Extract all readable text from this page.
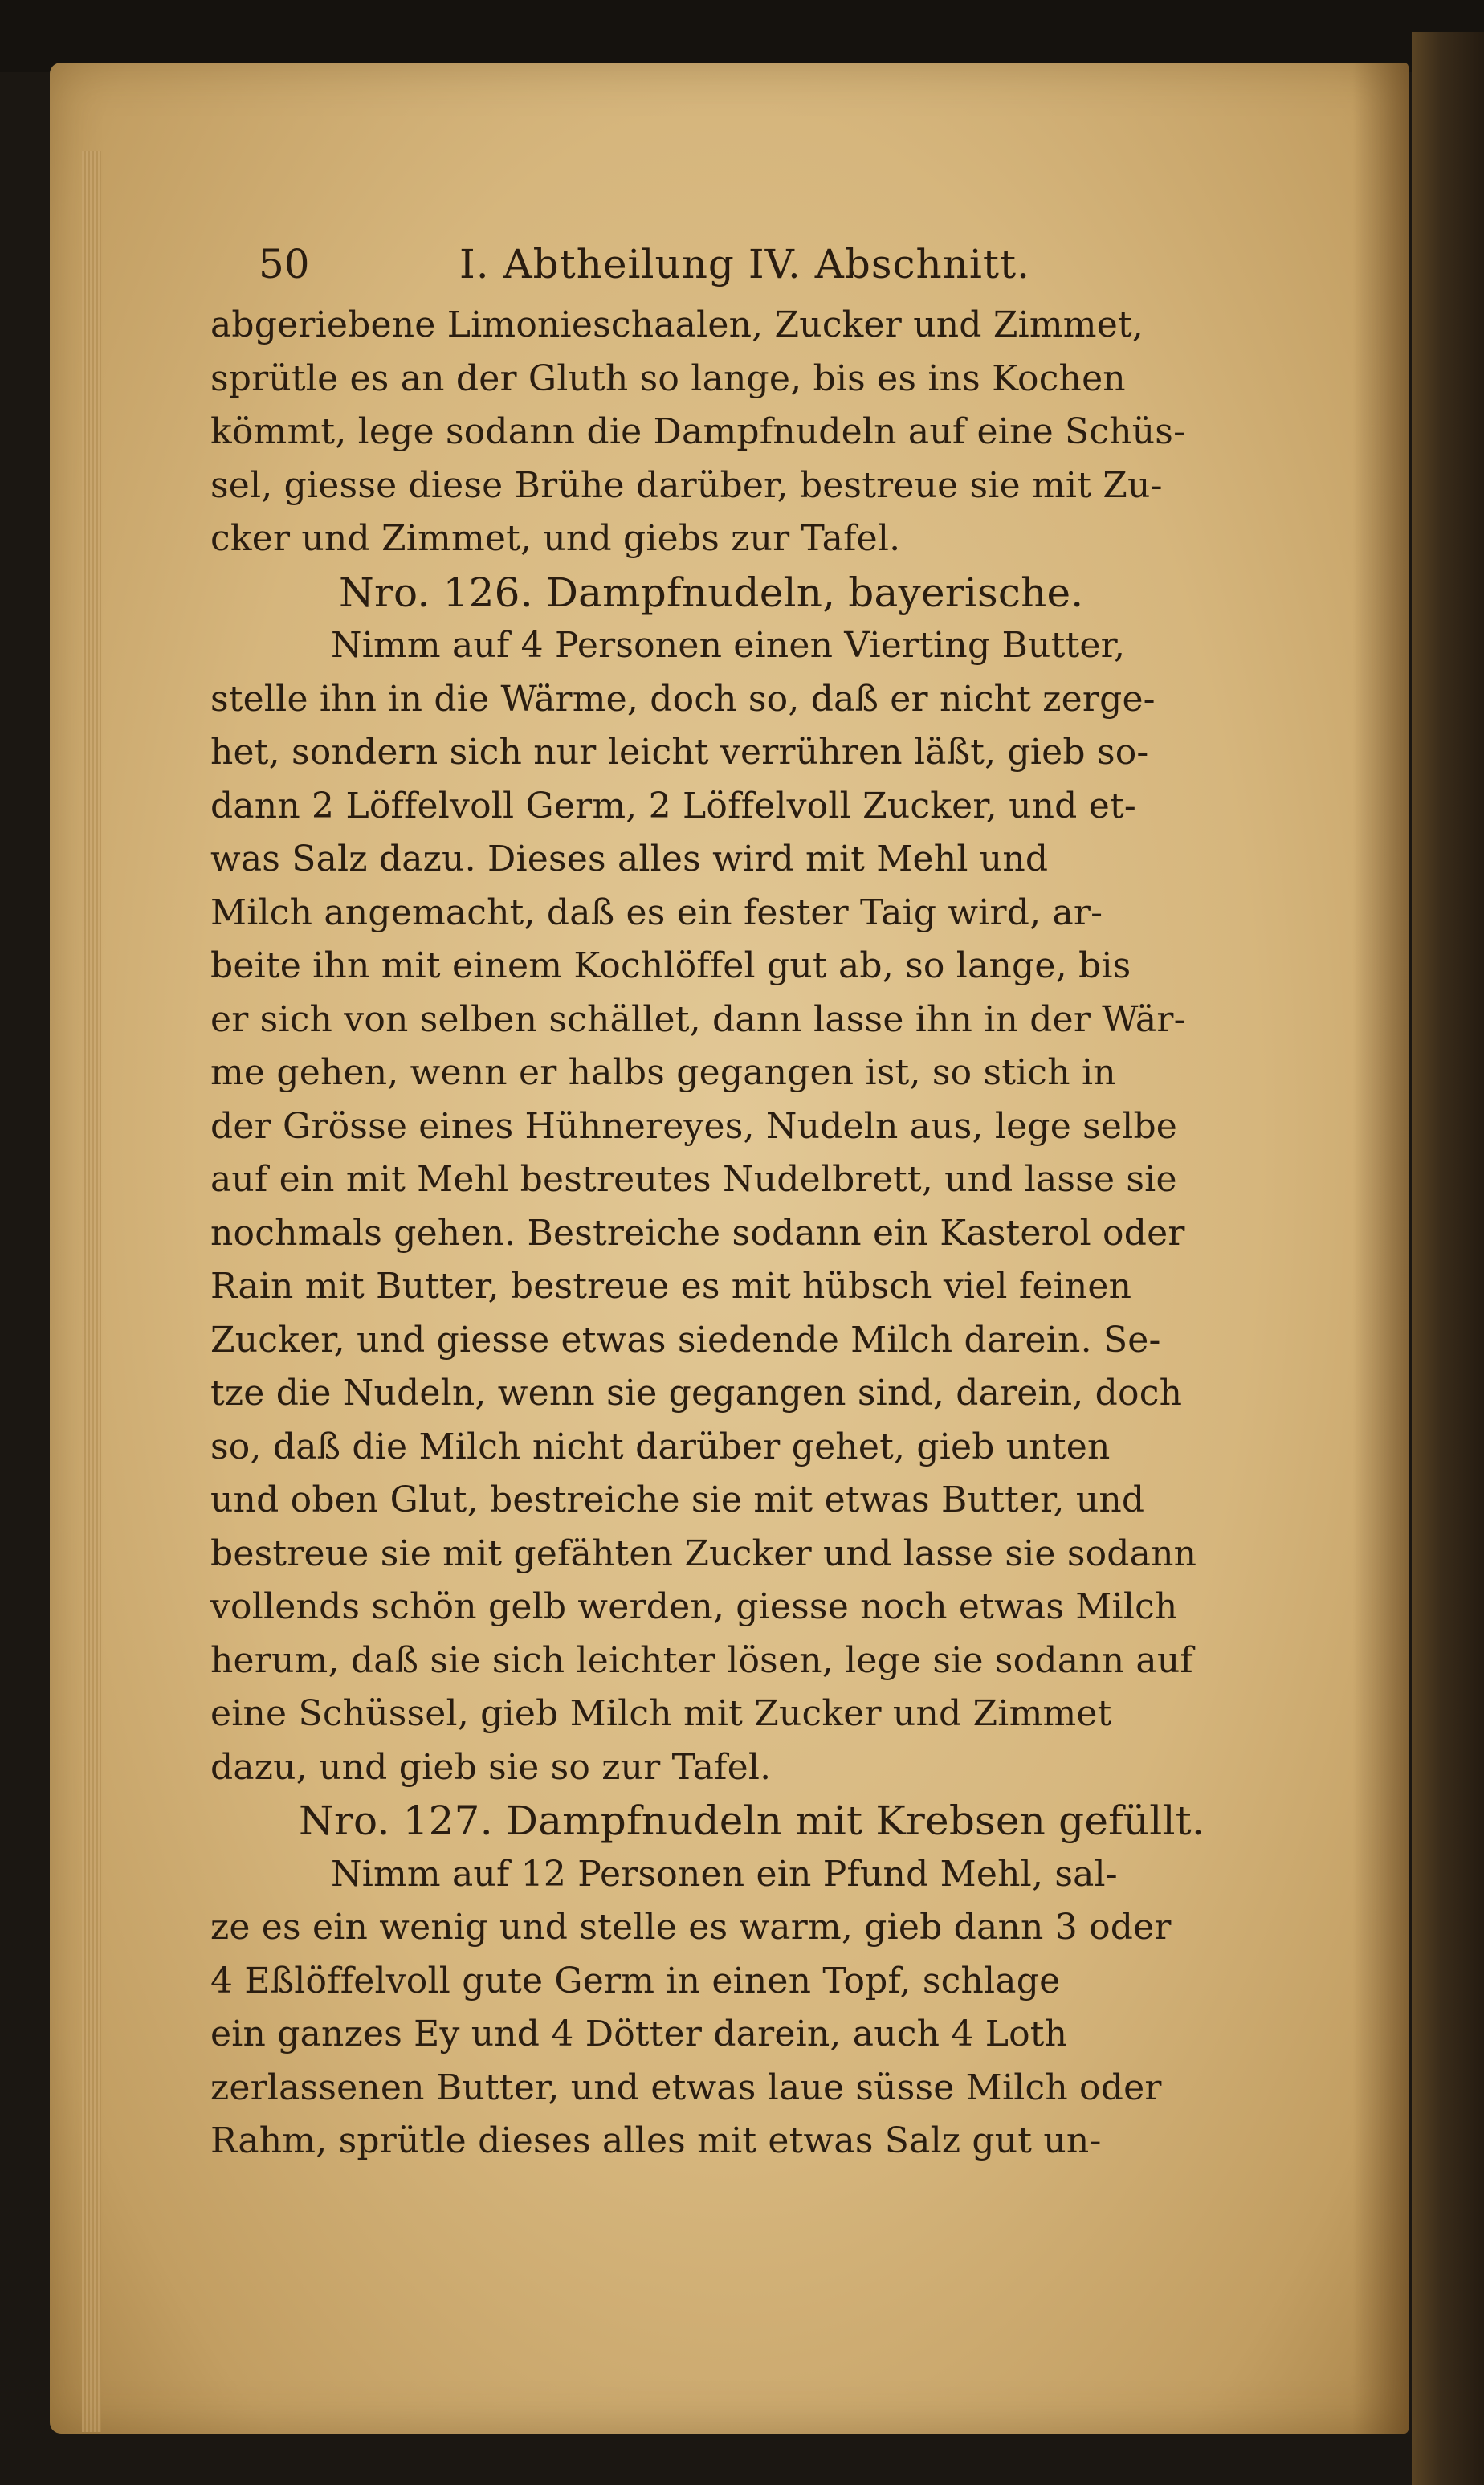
50	I. Abtheilung IV. Abschnitt.
abgeriebene Limonieschaalen, Zucker und Zimmet,
sprütle es an der Gluth so lange, bis es ins Kochen
kömmt, lege sodann die Dampfnudeln auf eine Schüs-
sel, giesse diese Brühe darüber, bestreue sie mit Zu-
cker und Zimmet, und giebs zur Tafel.
Nro. 126. Dampfnudeln, bayerische.
Nimm auf 4 Personen einen Vierting Butter,
stelle ihn in die Wärme, doch so, daß er nicht zerge-
het, sondern sich nur leicht verrühren läßt, gieb so-
dann 2 Löffelvoll Germ, 2 Löffelvoll Zucker, und et-
was Salz dazu. Dieses alles wird mit Mehl und
Milch angemacht, daß es ein fester Taig wird, ar-
beite ihn mit einem Kochlöffel gut ab, so lange, bis
er sich von selben schället, dann lasse ihn in der Wär-
me gehen, wenn er halbs gegangen ist, so stich in
der Grösse eines Hühnereyes, Nudeln aus, lege selbe
auf ein mit Mehl bestreutes Nudelbrett, und lasse sie
nochmals gehen. Bestreiche sodann ein Kasterol oder
Rain mit Butter, bestreue es mit hübsch viel feinen
Zucker, und giesse etwas siedende Milch darein. Se-
tze die Nudeln, wenn sie gegangen sind, darein, doch
so, daß die Milch nicht darüber gehet, gieb unten
und oben Glut, bestreiche sie mit etwas Butter, und
bestreue sie mit gefähten Zucker und lasse sie sodann
vollends schön gelb werden, giesse noch etwas Milch
herum, daß sie sich leichter lösen, lege sie sodann auf
eine Schüssel, gieb Milch mit Zucker und Zimmet
dazu, und gieb sie so zur Tafel.
Nro. 127. Dampfnudeln mit Krebsen gefüllt.
Nimm auf 12 Personen ein Pfund Mehl, sal-
ze es ein wenig und stelle es warm, gieb dann 3 oder
4 Eßlöffelvoll gute Germ in einen Topf, schlage
ein ganzes Ey und 4 Dötter darein, auch 4 Loth
zerlassenen Butter, und etwas laue süsse Milch oder
Rahm, sprütle dieses alles mit etwas Salz gut un-
